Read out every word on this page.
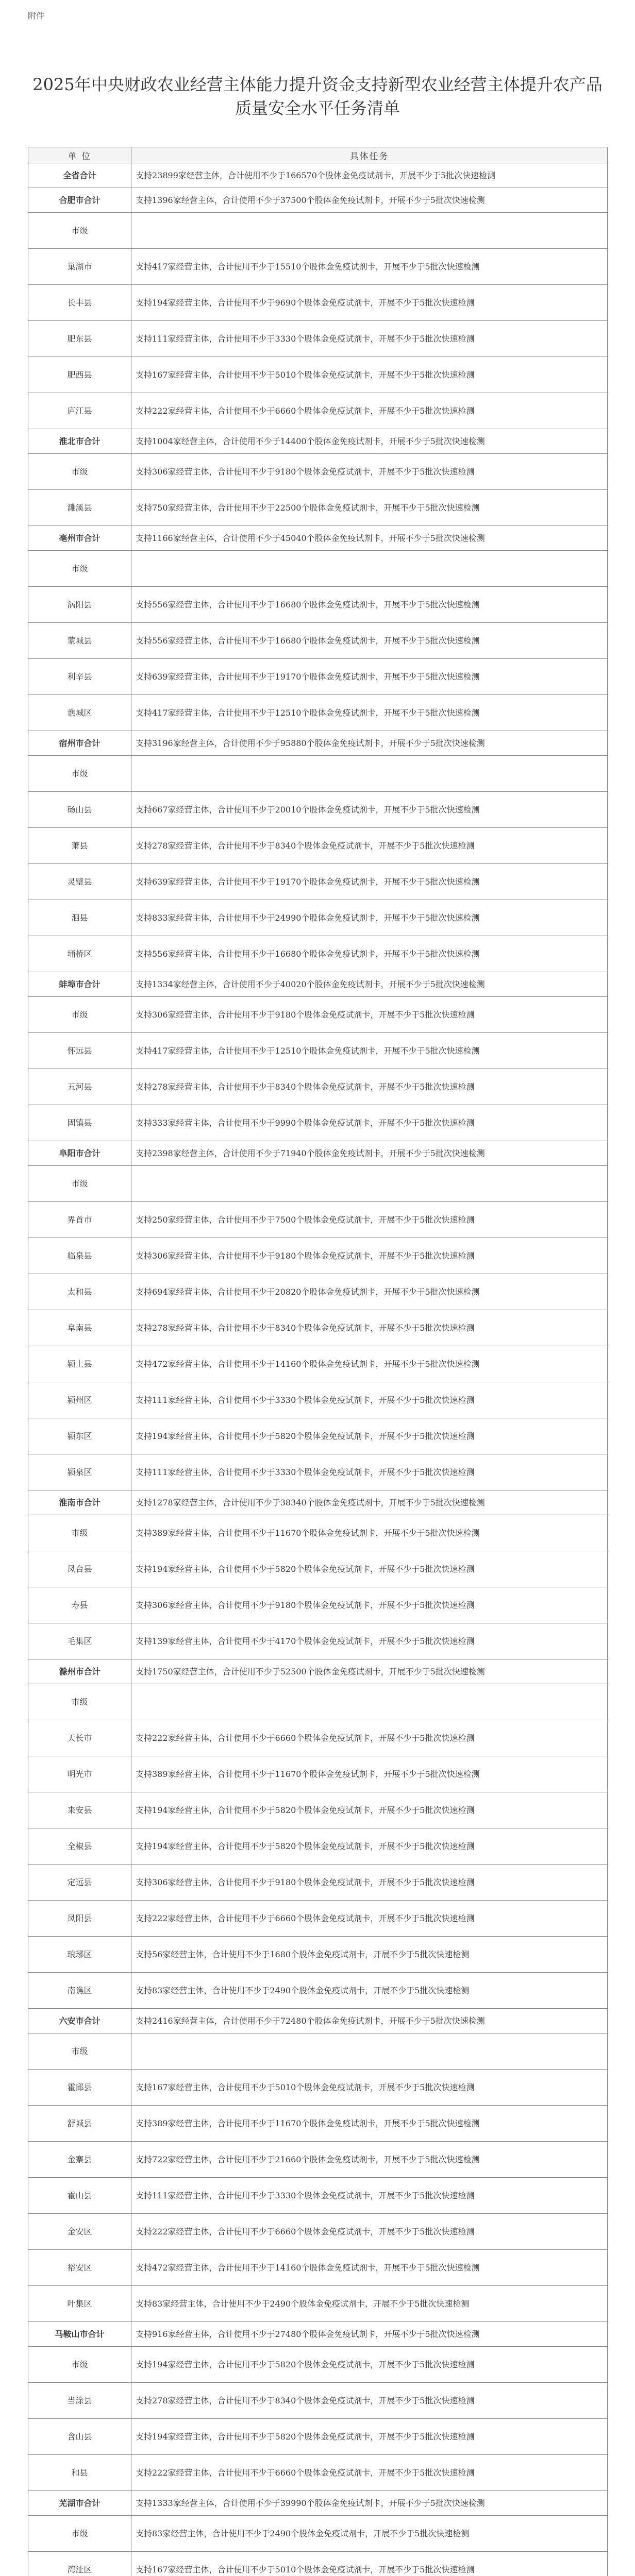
附件
2025年中央财政农业经营主体能力提升资金支持新型农业经营主体提升农产品质量安全水平任务清单
单 位	具体任务
全省合计	支持23899家经营主体，合计使用不少于166570个股体金免疫试剂卡，开展不少于5批次快速检测
合肥市合计	支持1396家经营主体，合计使用不少于37500个股体金免疫试剂卡，开展不少于5批次快速检测
市级	
巢湖市	支持417家经营主体，合计使用不少于15510个股体金免疫试剂卡，开展不少于5批次快速检测
长丰县	支持194家经营主体，合计使用不少于9690个股体金免疫试剂卡，开展不少于5批次快速检测
肥东县	支持111家经营主体，合计使用不少于3330个股体金免疫试剂卡，开展不少于5批次快速检测
肥西县	支持167家经营主体，合计使用不少于5010个股体金免疫试剂卡，开展不少于5批次快速检测
庐江县	支持222家经营主体，合计使用不少于6660个股体金免疫试剂卡，开展不少于5批次快速检测
淮北市合计	支持1004家经营主体，合计使用不少于14400个股体金免疫试剂卡，开展不少于5批次快速检测
市级	支持306家经营主体，合计使用不少于9180个股体金免疫试剂卡，开展不少于5批次快速检测
濉溪县	支持750家经营主体，合计使用不少于22500个股体金免疫试剂卡，开展不少于5批次快速检测
亳州市合计	支持1166家经营主体，合计使用不少于45040个股体金免疫试剂卡，开展不少于5批次快速检测
市级	
涡阳县	支持556家经营主体，合计使用不少于16680个股体金免疫试剂卡，开展不少于5批次快速检测
蒙城县	支持556家经营主体，合计使用不少于16680个股体金免疫试剂卡，开展不少于5批次快速检测
利辛县	支持639家经营主体，合计使用不少于19170个股体金免疫试剂卡，开展不少于5批次快速检测
谯城区	支持417家经营主体，合计使用不少于12510个股体金免疫试剂卡，开展不少于5批次快速检测
宿州市合计	支持3196家经营主体，合计使用不少于95880个股体金免疫试剂卡，开展不少于5批次快速检测
市级	
砀山县	支持667家经营主体，合计使用不少于20010个股体金免疫试剂卡，开展不少于5批次快速检测
萧县	支持278家经营主体，合计使用不少于8340个股体金免疫试剂卡，开展不少于5批次快速检测
灵璧县	支持639家经营主体，合计使用不少于19170个股体金免疫试剂卡，开展不少于5批次快速检测
泗县	支持833家经营主体，合计使用不少于24990个股体金免疫试剂卡，开展不少于5批次快速检测
埇桥区	支持556家经营主体，合计使用不少于16680个股体金免疫试剂卡，开展不少于5批次快速检测
蚌埠市合计	支持1334家经营主体，合计使用不少于40020个股体金免疫试剂卡，开展不少于5批次快速检测
市级	支持306家经营主体，合计使用不少于9180个股体金免疫试剂卡，开展不少于5批次快速检测
怀远县	支持417家经营主体，合计使用不少于12510个股体金免疫试剂卡，开展不少于5批次快速检测
五河县	支持278家经营主体，合计使用不少于8340个股体金免疫试剂卡，开展不少于5批次快速检测
固镇县	支持333家经营主体，合计使用不少于9990个股体金免疫试剂卡，开展不少于5批次快速检测
阜阳市合计	支持2398家经营主体，合计使用不少于71940个股体金免疫试剂卡，开展不少于5批次快速检测
市级	
界首市	支持250家经营主体，合计使用不少于7500个股体金免疫试剂卡，开展不少于5批次快速检测
临泉县	支持306家经营主体，合计使用不少于9180个股体金免疫试剂卡，开展不少于5批次快速检测
太和县	支持694家经营主体，合计使用不少于20820个股体金免疫试剂卡，开展不少于5批次快速检测
阜南县	支持278家经营主体，合计使用不少于8340个股体金免疫试剂卡，开展不少于5批次快速检测
颍上县	支持472家经营主体，合计使用不少于14160个股体金免疫试剂卡，开展不少于5批次快速检测
颍州区	支持111家经营主体，合计使用不少于3330个股体金免疫试剂卡，开展不少于5批次快速检测
颍东区	支持194家经营主体，合计使用不少于5820个股体金免疫试剂卡，开展不少于5批次快速检测
颍泉区	支持111家经营主体，合计使用不少于3330个股体金免疫试剂卡，开展不少于5批次快速检测
淮南市合计	支持1278家经营主体，合计使用不少于38340个股体金免疫试剂卡，开展不少于5批次快速检测
市级	支持389家经营主体，合计使用不少于11670个股体金免疫试剂卡，开展不少于5批次快速检测
凤台县	支持194家经营主体，合计使用不少于5820个股体金免疫试剂卡，开展不少于5批次快速检测
寿县	支持306家经营主体，合计使用不少于9180个股体金免疫试剂卡，开展不少于5批次快速检测
毛集区	支持139家经营主体，合计使用不少于4170个股体金免疫试剂卡，开展不少于5批次快速检测
滁州市合计	支持1750家经营主体，合计使用不少于52500个股体金免疫试剂卡，开展不少于5批次快速检测
市级	
天长市	支持222家经营主体，合计使用不少于6660个股体金免疫试剂卡，开展不少于5批次快速检测
明光市	支持389家经营主体，合计使用不少于11670个股体金免疫试剂卡，开展不少于5批次快速检测
来安县	支持194家经营主体，合计使用不少于5820个股体金免疫试剂卡，开展不少于5批次快速检测
全椒县	支持194家经营主体，合计使用不少于5820个股体金免疫试剂卡，开展不少于5批次快速检测
定远县	支持306家经营主体，合计使用不少于9180个股体金免疫试剂卡，开展不少于5批次快速检测
凤阳县	支持222家经营主体，合计使用不少于6660个股体金免疫试剂卡，开展不少于5批次快速检测
琅琊区	支持56家经营主体，合计使用不少于1680个股体金免疫试剂卡，开展不少于5批次快速检测
南谯区	支持83家经营主体，合计使用不少于2490个股体金免疫试剂卡，开展不少于5批次快速检测
六安市合计	支持2416家经营主体，合计使用不少于72480个股体金免疫试剂卡，开展不少于5批次快速检测
市级	
霍邱县	支持167家经营主体，合计使用不少于5010个股体金免疫试剂卡，开展不少于5批次快速检测
舒城县	支持389家经营主体，合计使用不少于11670个股体金免疫试剂卡，开展不少于5批次快速检测
金寨县	支持722家经营主体，合计使用不少于21660个股体金免疫试剂卡，开展不少于5批次快速检测
霍山县	支持111家经营主体，合计使用不少于3330个股体金免疫试剂卡，开展不少于5批次快速检测
金安区	支持222家经营主体，合计使用不少于6660个股体金免疫试剂卡，开展不少于5批次快速检测
裕安区	支持472家经营主体，合计使用不少于14160个股体金免疫试剂卡，开展不少于5批次快速检测
叶集区	支持83家经营主体，合计使用不少于2490个股体金免疫试剂卡，开展不少于5批次快速检测
马鞍山市合计	支持916家经营主体，合计使用不少于27480个股体金免疫试剂卡，开展不少于5批次快速检测
市级	支持194家经营主体，合计使用不少于5820个股体金免疫试剂卡，开展不少于5批次快速检测
当涂县	支持278家经营主体，合计使用不少于8340个股体金免疫试剂卡，开展不少于5批次快速检测
含山县	支持194家经营主体，合计使用不少于5820个股体金免疫试剂卡，开展不少于5批次快速检测
和县	支持222家经营主体，合计使用不少于6660个股体金免疫试剂卡，开展不少于5批次快速检测
芜湖市合计	支持1333家经营主体，合计使用不少于39990个股体金免疫试剂卡，开展不少于5批次快速检测
市级	支持83家经营主体，合计使用不少于2490个股体金免疫试剂卡，开展不少于5批次快速检测
湾沚区	支持167家经营主体，合计使用不少于5010个股体金免疫试剂卡，开展不少于5批次快速检测
